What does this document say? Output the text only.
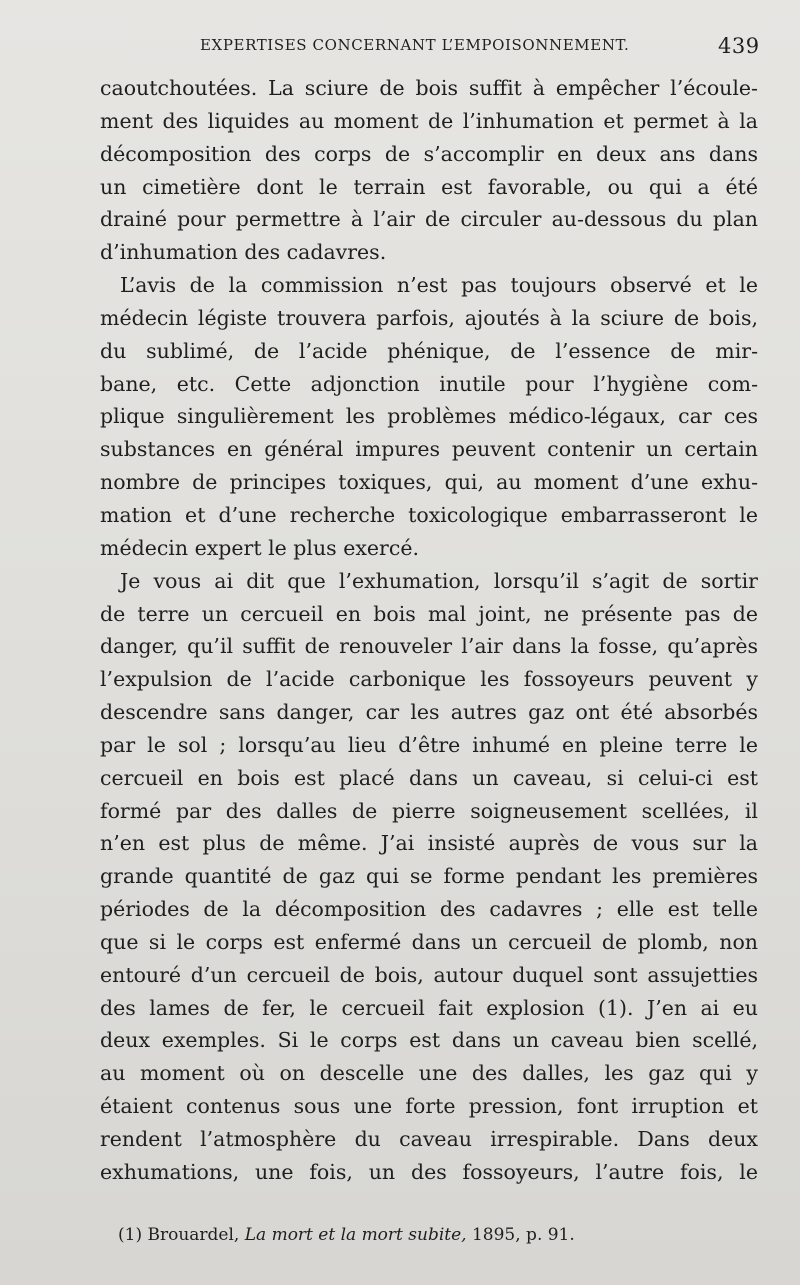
EXPERTISES CONCERNANT L’EMPOISONNEMENT.	439
caoutchoutées. La sciure de bois suffit à empêcher l’écoule-
ment des liquides au moment de l’inhumation et permet à la
décomposition des corps de s’accomplir en deux ans dans
un cimetière dont le terrain est favorable, ou qui a été
drainé pour permettre à l’air de circuler au-dessous du plan
d’inhumation des cadavres.
L’avis de la commission n’est pas toujours observé et le
médecin légiste trouvera parfois, ajoutés à la sciure de bois,
du sublimé, de l’acide phénique, de l’essence de mir-
bane, etc. Cette adjonction inutile pour l’hygiène com-
plique singulièrement les problèmes médico-légaux, car ces
substances en général impures peuvent contenir un certain
nombre de principes toxiques, qui, au moment d’une exhu-
mation et d’une recherche toxicologique embarrasseront le
médecin expert le plus exercé.
Je vous ai dit que l’exhumation, lorsqu’il s’agit de sortir
de terre un cercueil en bois mal joint, ne présente pas de
danger, qu’il suffit de renouveler l’air dans la fosse, qu’après
l’expulsion de l’acide carbonique les fossoyeurs peuvent y
descendre sans danger, car les autres gaz ont été absorbés
par le sol ; lorsqu’au lieu d’être inhumé en pleine terre le
cercueil en bois est placé dans un caveau, si celui-ci est
formé par des dalles de pierre soigneusement scellées, il
n’en est plus de même. J’ai insisté auprès de vous sur la
grande quantité de gaz qui se forme pendant les premières
périodes de la décomposition des cadavres ; elle est telle
que si le corps est enfermé dans un cercueil de plomb, non
entouré d’un cercueil de bois, autour duquel sont assujetties
des lames de fer, le cercueil fait explosion (1). J’en ai eu
deux exemples. Si le corps est dans un caveau bien scellé,
au moment où on descelle une des dalles, les gaz qui y
étaient contenus sous une forte pression, font irruption et
rendent l’atmosphère du caveau irrespirable. Dans deux
exhumations, une fois, un des fossoyeurs, l’autre fois, le
(1) Brouardel, La mort et la mort subite, 1895, p. 91.
